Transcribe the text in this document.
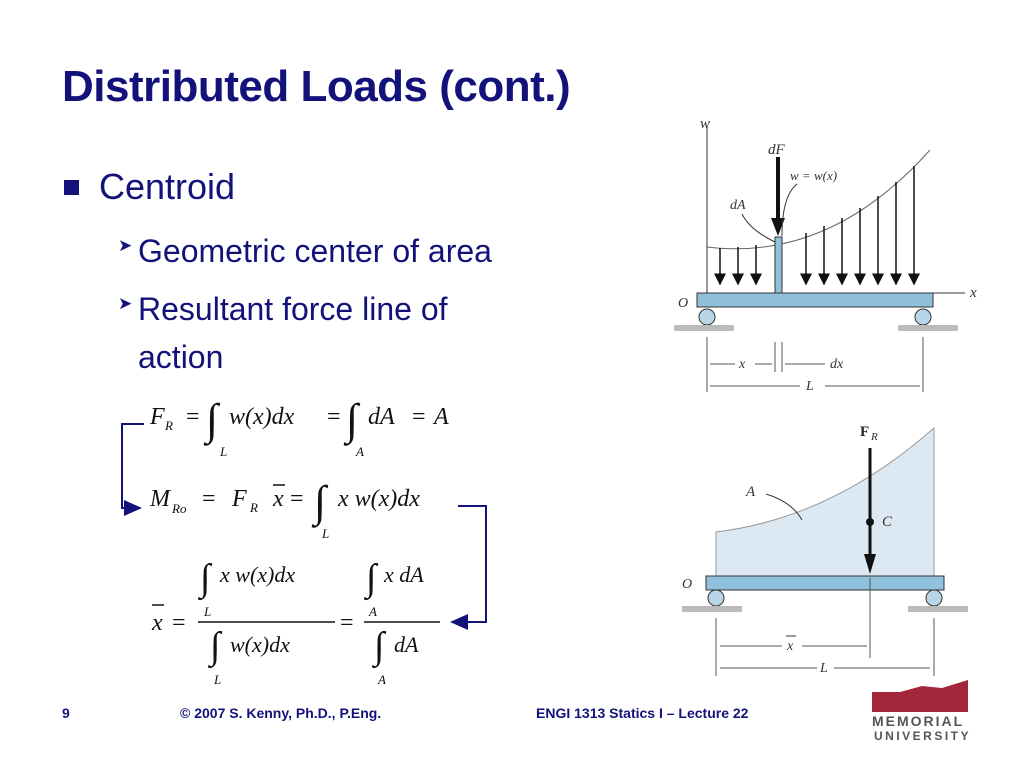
Distributed Loads (cont.)
Centroid
➤ Geometric center of area
➤ Resultant force line of action
F R = ∫ w(x)dx
L
= ∫ dA
A
= A
M Ro = F R x = ∫ x w(x)dx
L
x =
∫ x w(x)dx
L
∫ w(x)dx
L
=
∫ x dA
A
∫ dA
A
w
x
O
dF
w = w(x)
dA
x	dx
L
F R
C
A
O
x
L
9	© 2007 S. Kenny, Ph.D., P.Eng.	ENGI 1313 Statics I – Lecture 22	MEMORIAL
UNIVERSITY
